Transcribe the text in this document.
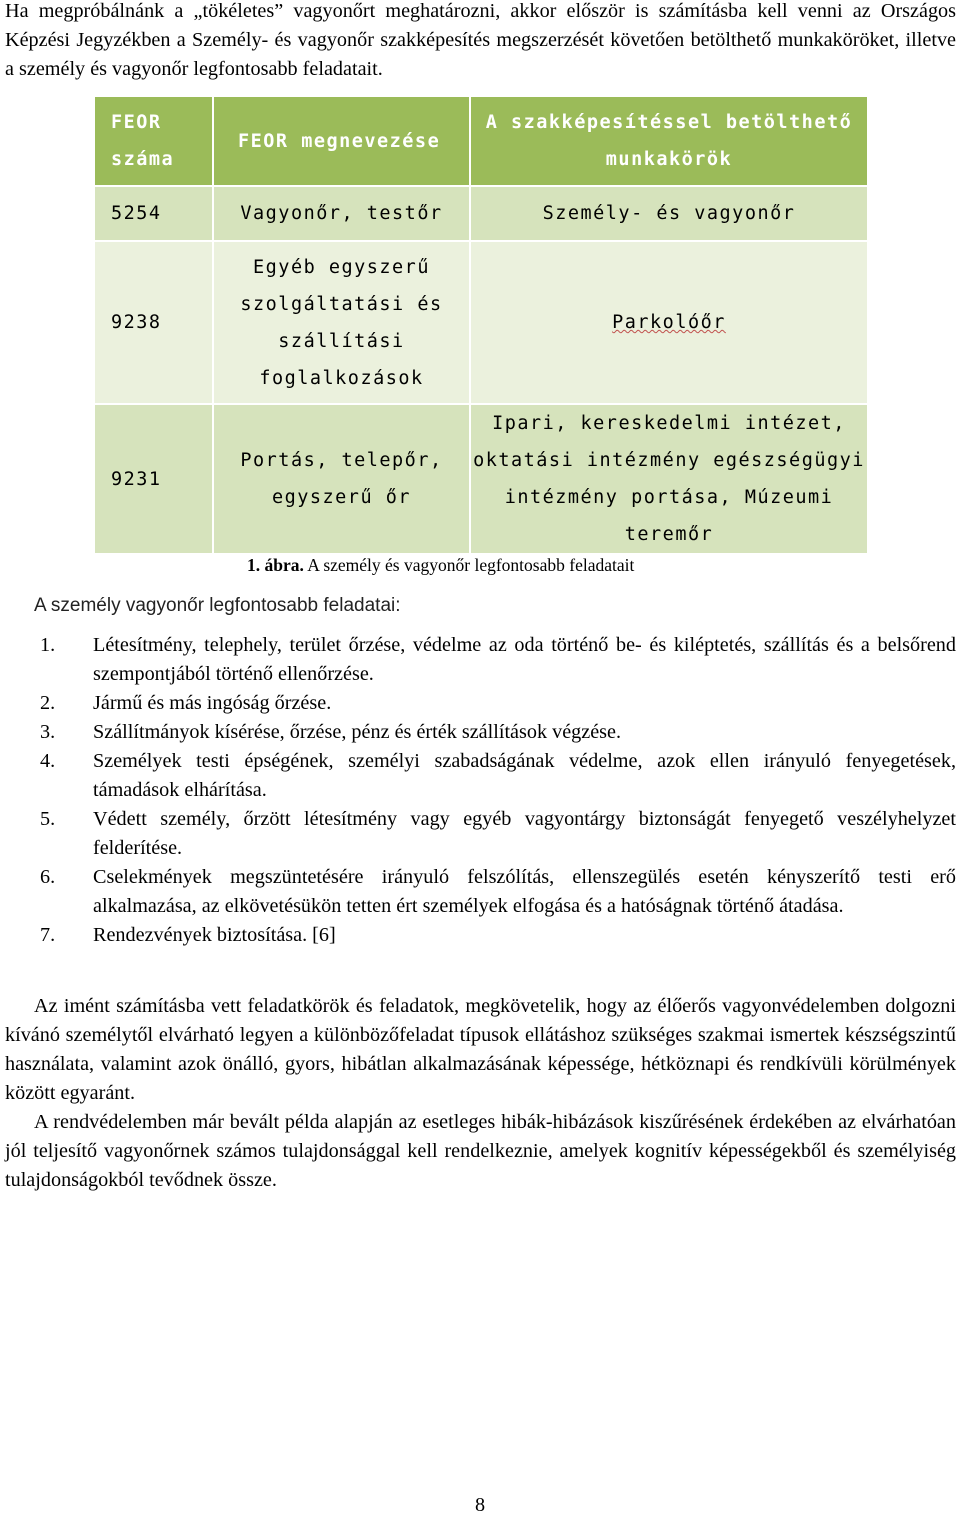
Ha megpróbálnánk a „tökéletes” vagyonőrt meghatározni, akkor először is számításba kell venni az Országos Képzési Jegyzékben a Személy- és vagyonőr szakképesítés megszerzését követően betölthető munkaköröket, illetve a személy és vagyonőr legfontosabb feladatait.

FEOR száma	FEOR megnevezése	A szakképesítéssel betölthető munkakörök
5254	Vagyonőr, testőr	Személy- és vagyonőr
9238	Egyéb egyszerű szolgáltatási és szállítási foglalkozások	Parkolóőr
9231	Portás, telepőr, egyszerű őr	Ipari, kereskedelmi intézet, oktatási intézmény egészségügyi intézmény portása, Múzeumi teremőr
1. ábra. A személy és vagyonőr legfontosabb feladatait
A személy vagyonőr legfontosabb feladatai:
1. Létesítmény, telephely, terület őrzése, védelme az oda történő be- és kiléptetés, szállítás és a belsőrend szempontjából történő ellenőrzése.
2. Jármű és más ingóság őrzése.
3. Szállítmányok kísérése, őrzése, pénz és érték szállítások végzése.
4. Személyek testi épségének, személyi szabadságának védelme, azok ellen irányuló fenyegetések, támadások elhárítása.
5. Védett személy, őrzött létesítmény vagy egyéb vagyontárgy biztonságát fenyegető veszélyhelyzet felderítése.
6. Cselekmények megszüntetésére irányuló felszólítás, ellenszegülés esetén kényszerítő testi erő alkalmazása, az elkövetésükön tetten ért személyek elfogása és a hatóságnak történő átadása.
7. Rendezvények biztosítása. [6]

Az imént számításba vett feladatkörök és feladatok, megkövetelik, hogy az élőerős vagyonvédelemben dolgozni kívánó személytől elvárható legyen a különbözőfeladat típusok ellátáshoz szükséges szakmai ismertek készségszintű használata, valamint azok önálló, gyors, hibátlan alkalmazásának képessége, hétköznapi és rendkívüli körülmények között egyaránt.

A rendvédelemben már bevált példa alapján az esetleges hibák-hibázások kiszűrésének érdekében az elvárhatóan jól teljesítő vagyonőrnek számos tulajdonsággal kell rendelkeznie, amelyek kognitív képességekből és személyiség tulajdonságokból tevődnek össze.

8
